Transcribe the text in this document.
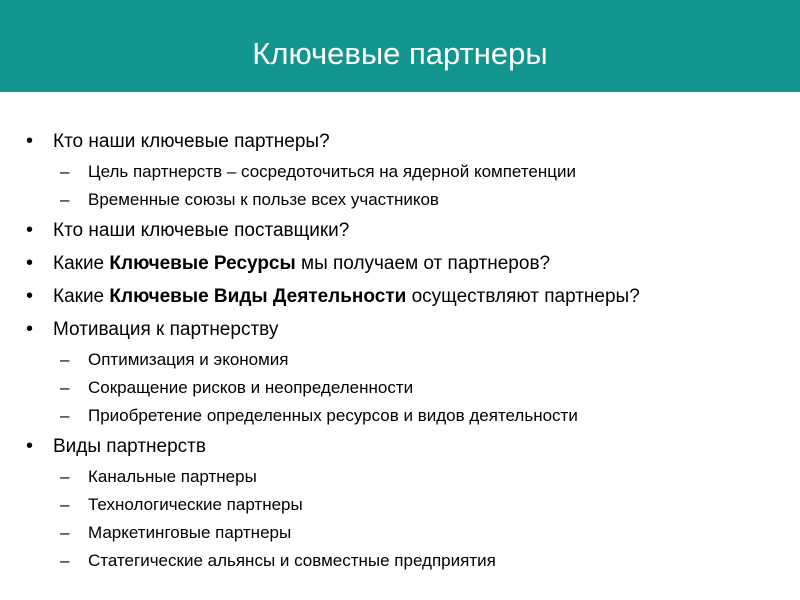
Ключевые партнеры
• Кто наши ключевые партнеры?
– Цель партнерств – сосредоточиться на ядерной компетенции
– Временные союзы к пользе всех участников
• Кто наши ключевые поставщики?
• Какие Ключевые Ресурсы мы получаем от партнеров?
• Какие Ключевые Виды Деятельности осуществляют партнеры?
• Мотивация к партнерству
– Оптимизация и экономия
– Сокращение рисков и неопределенности
– Приобретение определенных ресурсов и видов деятельности
• Виды партнерств
– Канальные партнеры
– Технологические партнеры
– Маркетинговые партнеры
– Статегические альянсы и совместные предприятия
